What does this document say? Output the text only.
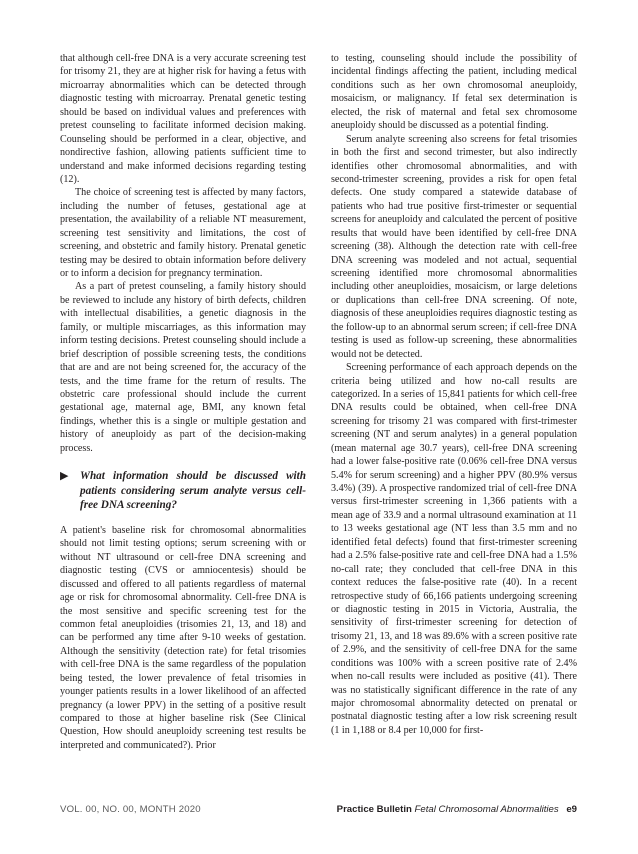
that although cell-free DNA is a very accurate screening test for trisomy 21, they are at higher risk for having a fetus with microarray abnormalities which can be detected through diagnostic testing with microarray. Prenatal genetic testing should be based on individual values and preferences with pretest counseling to facilitate informed decision making. Counseling should be performed in a clear, objective, and nondirective fashion, allowing patients sufficient time to understand and make informed decisions regarding testing (12).

The choice of screening test is affected by many factors, including the number of fetuses, gestational age at presentation, the availability of a reliable NT measurement, screening test sensitivity and limitations, the cost of screening, and obstetric and family history. Prenatal genetic testing may be desired to obtain information before delivery or to inform a decision for pregnancy termination.

As a part of pretest counseling, a family history should be reviewed to include any history of birth defects, children with intellectual disabilities, a genetic diagnosis in the family, or multiple miscarriages, as this information may inform testing decisions. Pretest counseling should include a brief description of possible screening tests, the conditions that are and are not being screened for, the accuracy of the tests, and the time frame for the return of results. The obstetric care professional should include the current gestational age, maternal age, BMI, any known fetal findings, whether this is a single or multiple gestation and history of aneuploidy as part of the decision-making process.

▶	What information should be discussed with patients considering serum analyte versus cell-free DNA screening?

A patient's baseline risk for chromosomal abnormalities should not limit testing options; serum screening with or without NT ultrasound or cell-free DNA screening and diagnostic testing (CVS or amniocentesis) should be discussed and offered to all patients regardless of maternal age or risk for chromosomal abnormality. Cell-free DNA is the most sensitive and specific screening test for the common fetal aneuploidies (trisomies 21, 13, and 18) and can be performed any time after 9-10 weeks of gestation. Although the sensitivity (detection rate) for fetal trisomies with cell-free DNA is the same regardless of the population being tested, the lower prevalence of fetal trisomies in younger patients results in a lower likelihood of an affected pregnancy (a lower PPV) in the setting of a positive result compared to those at higher baseline risk (See Clinical Question, How should aneuploidy screening test results be interpreted and communicated?). Prior

to testing, counseling should include the possibility of incidental findings affecting the patient, including medical conditions such as her own chromosomal aneuploidy, mosaicism, or malignancy. If fetal sex determination is elected, the risk of maternal and fetal sex chromosome aneuploidy should be discussed as a potential finding.

Serum analyte screening also screens for fetal trisomies in both the first and second trimester, but also indirectly identifies other chromosomal abnormalities, and with second-trimester screening, provides a risk for open fetal defects. One study compared a statewide database of patients who had true positive first-trimester or sequential screens for aneuploidy and calculated the percent of positive results that would have been identified by cell-free DNA screening (38). Although the detection rate with cell-free DNA screening was modeled and not actual, sequential screening identified more chromosomal abnormalities including other aneuploidies, mosaicism, or large deletions or duplications than cell-free DNA screening. Of note, diagnosis of these aneuploidies requires diagnostic testing as the follow-up to an abnormal serum screen; if cell-free DNA testing is used as follow-up screening, these abnormalities would not be detected.

Screening performance of each approach depends on the criteria being utilized and how no-call results are categorized. In a series of 15,841 patients for which cell-free DNA results could be obtained, when cell-free DNA screening for trisomy 21 was compared with first-trimester screening (NT and serum analytes) in a general population (mean maternal age 30.7 years), cell-free DNA screening had a lower false-positive rate (0.06% cell-free DNA versus 5.4% for serum screening) and a higher PPV (80.9% versus 3.4%) (39). A prospective randomized trial of cell-free DNA versus first-trimester screening in 1,366 patients with a mean age of 33.9 and a normal ultrasound examination at 11 to 13 weeks gestational age (NT less than 3.5 mm and no identified fetal defects) found that first-trimester screening had a 2.5% false-positive rate and cell-free DNA had a 1.5% no-call rate; they concluded that cell-free DNA in this context reduces the false-positive rate (40). In a recent retrospective study of 66,166 patients undergoing screening or diagnostic testing in 2015 in Victoria, Australia, the sensitivity of first-trimester screening for detection of trisomy 21, 13, and 18 was 89.6% with a screen positive rate of 2.9%, and the sensitivity of cell-free DNA for the same conditions was 100% with a screen positive rate of 2.4% when no-call results were included as positive (41). There was no statistically significant difference in the rate of any major chromosomal abnormality detected on prenatal or postnatal diagnostic testing after a low risk screening result (1 in 1,188 or 8.4 per 10,000 for first-

VOL. 00, NO. 00, MONTH 2020	Practice Bulletin Fetal Chromosomal Abnormalities e9
